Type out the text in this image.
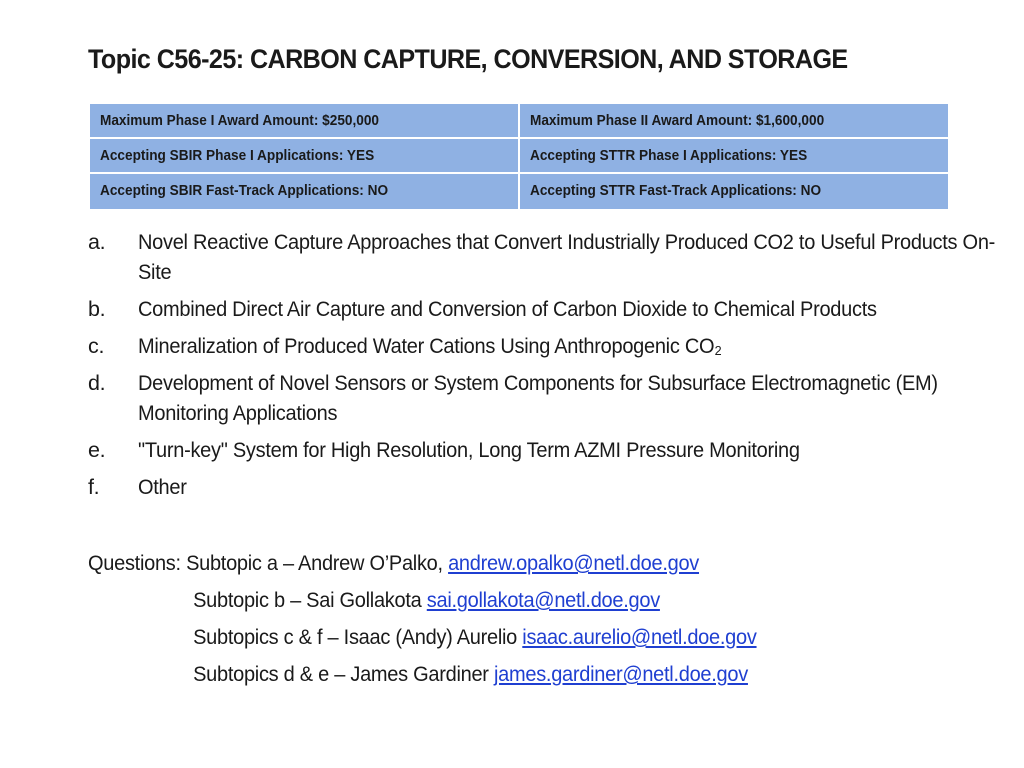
Topic C56-25: CARBON CAPTURE, CONVERSION, AND STORAGE
Maximum Phase I Award Amount: $250,000	Maximum Phase II Award Amount: $1,600,000
Accepting SBIR Phase I Applications: YES	Accepting STTR Phase I Applications: YES
Accepting SBIR Fast-Track Applications: NO	Accepting STTR Fast-Track Applications: NO
a. Novel Reactive Capture Approaches that Convert Industrially Produced CO2 to Useful Products On-Site
b. Combined Direct Air Capture and Conversion of Carbon Dioxide to Chemical Products
c. Mineralization of Produced Water Cations Using Anthropogenic CO₂
d. Development of Novel Sensors or System Components for Subsurface Electromagnetic (EM) Monitoring Applications
e. "Turn-key" System for High Resolution, Long Term AZMI Pressure Monitoring
f. Other
Questions: Subtopic a – Andrew O’Palko, andrew.opalko@netl.doe.gov
Subtopic b – Sai Gollakota sai.gollakota@netl.doe.gov
Subtopics c & f – Isaac (Andy) Aurelio isaac.aurelio@netl.doe.gov
Subtopics d & e – James Gardiner james.gardiner@netl.doe.gov
